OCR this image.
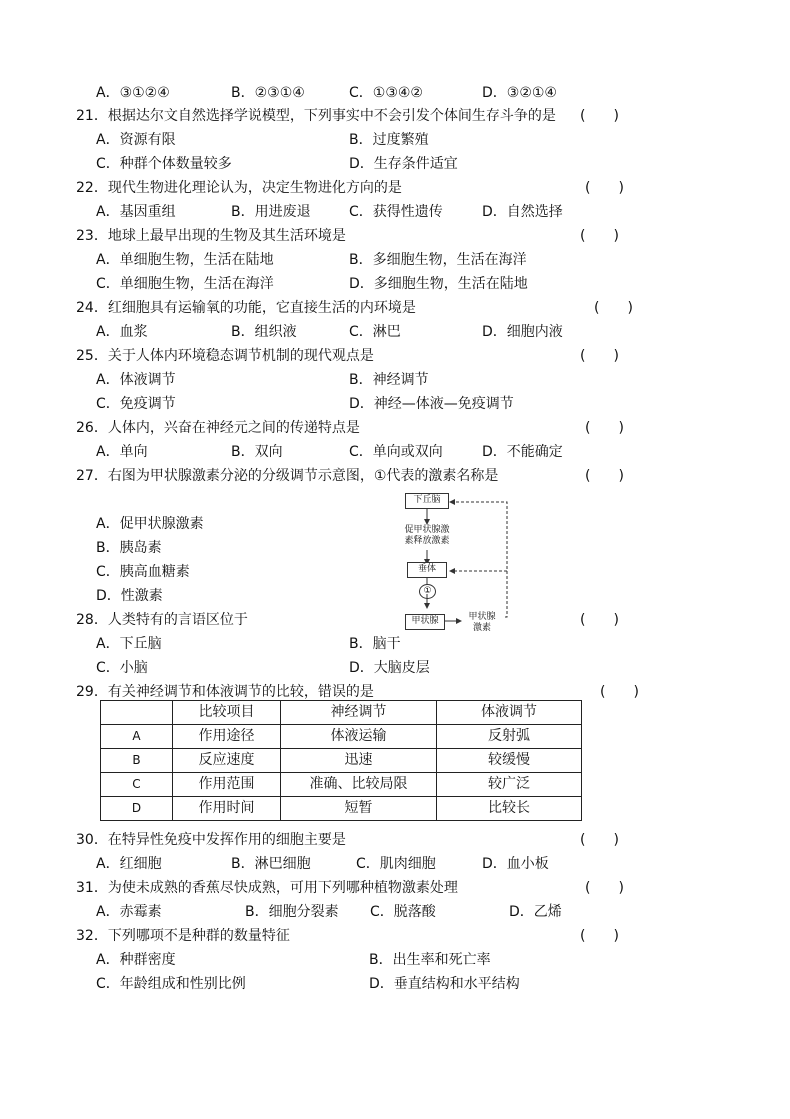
A．③①②④	B．②③①④	C．①③④②	D．③②①④
21．根据达尔文自然选择学说模型，下列事实中不会引发个体间生存斗争的是 (　　)
A．资源有限	B．过度繁殖
C．种群个体数量较多	D．生存条件适宜
22．现代生物进化理论认为，决定生物进化方向的是	(　　)
A．基因重组	B．用进废退	C．获得性遗传	D．自然选择
23．地球上最早出现的生物及其生活环境是	(　　)
A．单细胞生物，生活在陆地	B．多细胞生物，生活在海洋
C．单细胞生物，生活在海洋	D．多细胞生物，生活在陆地
24．红细胞具有运输氧的功能，它直接生活的内环境是	(　　)
A．血浆	B．组织液	C．淋巴	D．细胞内液
25．关于人体内环境稳态调节机制的现代观点是	(　　)
A．体液调节	B．神经调节
C．免疫调节	D．神经—体液—免疫调节
26．人体内，兴奋在神经元之间的传递特点是	(　　)
A．单向	B．双向	C．单向或双向	D．不能确定
27．右图为甲状腺激素分泌的分级调节示意图，①代表的激素名称是	(　　)
A．促甲状腺激素
B．胰岛素
C．胰高血糖素
D．性激素
下丘脑
促甲状腺激
素释放激素
垂体
①
甲状腺	甲状腺
激素
28．人类特有的言语区位于	(　　)
A．下丘脑	B．脑干
C．小脑	D．大脑皮层
29．有关神经调节和体液调节的比较，错误的是	(　　)
	比较项目	神经调节	体液调节
A	作用途径	体液运输	反射弧
B	反应速度	迅速	较缓慢
C	作用范围	准确、比较局限	较广泛
D	作用时间	短暂	比较长
30．在特异性免疫中发挥作用的细胞主要是	(　　)
A．红细胞	B．淋巴细胞	C．肌肉细胞	D．血小板
31．为使未成熟的香蕉尽快成熟，可用下列哪种植物激素处理	(　　)
A．赤霉素	B．细胞分裂素 C．脱落酸	D．乙烯
32．下列哪项不是种群的数量特征	(　　)
A．种群密度	B．出生率和死亡率
C．年龄组成和性别比例	D．垂直结构和水平结构
